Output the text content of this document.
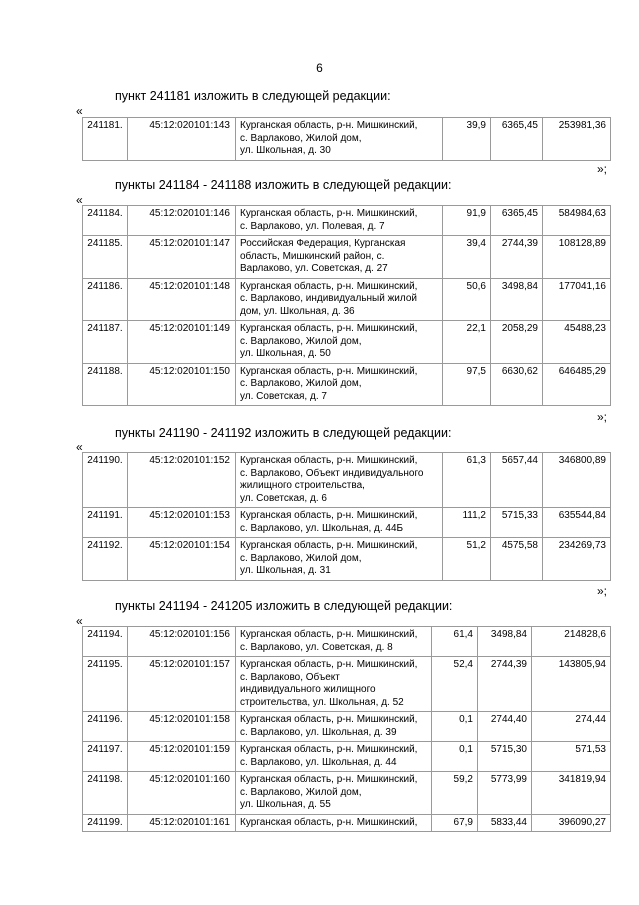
6
пункт 241181 изложить в следующей редакции:
«
241181.	45:12:020101:143	Курганская область, р-н. Мишкинский,
с. Варлаково, Жилой дом,
ул. Школьная, д. 30
	39,9	6365,45	253981,36
»;
пункты 241184 - 241188 изложить в следующей редакции:
«
241184.	45:12:020101:146	Курганская область, р-н. Мишкинский,
с. Варлаково, ул. Полевая, д. 7	91,9	6365,45	584984,63
241185.	45:12:020101:147	Российская Федерация, Курганская
область, Мишкинский район, с.
Варлаково, ул. Советская, д. 27	39,4	2744,39	108128,89
241186.	45:12:020101:148	Курганская область, р-н. Мишкинский,
с. Варлаково, индивидуальный жилой
дом, ул. Школьная, д. 36	50,6	3498,84	177041,16
241187.	45:12:020101:149	Курганская область, р-н. Мишкинский,
с. Варлаково, Жилой дом,
ул. Школьная, д. 50	22,1	2058,29	45488,23
241188.	45:12:020101:150	Курганская область, р-н. Мишкинский,
с. Варлаково, Жилой дом,
ул. Советская, д. 7	97,5	6630,62	646485,29
»;
пункты 241190 - 241192 изложить в следующей редакции:
«
241190.	45:12:020101:152	Курганская область, р-н. Мишкинский,
с. Варлаково, Объект индивидуального
жилищного строительства,
ул. Советская, д. 6	61,3	5657,44	346800,89
241191.	45:12:020101:153	Курганская область, р-н. Мишкинский,
с. Варлаково, ул. Школьная, д. 44Б	111,2	5715,33	635544,84
241192.	45:12:020101:154	Курганская область, р-н. Мишкинский,
с. Варлаково, Жилой дом,
ул. Школьная, д. 31	51,2	4575,58	234269,73
»;
пункты 241194 - 241205 изложить в следующей редакции:
«
241194.	45:12:020101:156	Курганская область, р-н. Мишкинский,
с. Варлаково, ул. Советская, д. 8	61,4	3498,84	214828,6
241195.	45:12:020101:157	Курганская область, р-н. Мишкинский,
с. Варлаково, Объект
индивидуального жилищного
строительства, ул. Школьная, д. 52	52,4	2744,39	143805,94
241196.	45:12:020101:158	Курганская область, р-н. Мишкинский,
с. Варлаково, ул. Школьная, д. 39	0,1	2744,40	274,44
241197.	45:12:020101:159	Курганская область, р-н. Мишкинский,
с. Варлаково, ул. Школьная, д. 44	0,1	5715,30	571,53
241198.	45:12:020101:160	Курганская область, р-н. Мишкинский,
с. Варлаково, Жилой дом,
ул. Школьная, д. 55	59,2	5773,99	341819,94
241199.	45:12:020101:161	Курганская область, р-н. Мишкинский,	67,9	5833,44	396090,27
